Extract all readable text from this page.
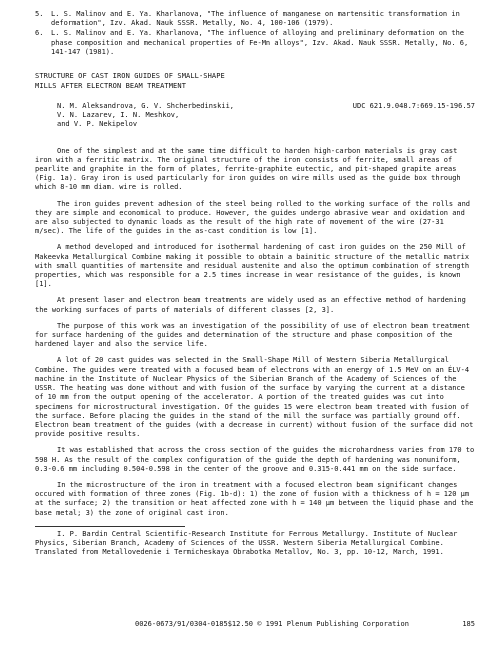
5.	L. S. Malinov and E. Ya. Kharlanova, "The influence of manganese on martensitic transformation in deformation", Izv. Akad. Nauk SSSR. Metally, No. 4, 100-106 (1979).
6.	L. S. Malinov and E. Ya. Kharlanova, "The influence of alloying and preliminary deformation on the phase composition and mechanical properties of Fe-Mn alloys", Izv. Akad. Nauk SSSR. Metally, No. 6, 141-147 (1981).
STRUCTURE OF CAST IRON GUIDES OF SMALL-SHAPE
MILLS AFTER ELECTRON BEAM TREATMENT
N. M. Aleksandrova, G. V. Shcherbedinskii,
V. N. Lazarev, I. N. Meshkov,
and V. P. Nekipelov
UDC 621.9.048.7:669.15-196.57

One of the simplest and at the same time difficult to harden high-carbon materials is gray cast iron with a ferritic matrix. The original structure of the iron consists of ferrite, small areas of pearlite and graphite in the form of plates, ferrite-graphite eutectic, and pit-shaped grapite areas (Fig. 1a). Gray iron is used particularly for iron guides on wire mills used as the guide box through which 8-10 mm diam. wire is rolled.

The iron guides prevent adhesion of the steel being rolled to the working surface of the rolls and they are simple and economical to produce. However, the guides undergo abrasive wear and oxidation and are also subjected to dynamic loads as the result of the high rate of movement of the wire (27-31 m/sec). The life of the guides in the as-cast condition is low [1].

A method developed and introduced for isothermal hardening of cast iron guides on the 250 Mill of Makeevka Metallurgical Combine making it possible to obtain a bainitic structure of the metallic matrix with small quantities of martensite and residual austenite and also the optimum combination of strength properties, which was responsible for a 2.5 times increase in wear resistance of the guides, is known [1].

At present laser and electron beam treatments are widely used as an effective method of hardening the working surfaces of parts of materials of different classes [2, 3].

The purpose of this work was an investigation of the possibility of use of electron beam treatment for surface hardening of the guides and determination of the structure and phase composition of the hardened layer and also the service life.

A lot of 20 cast guides was selected in the Small-Shape Mill of Western Siberia Metallurgical Combine. The guides were treated with a focused beam of electrons with an energy of 1.5 MeV on an ÉLV-4 machine in the Institute of Nuclear Physics of the Siberian Branch of the Academy of Sciences of the USSR. The heating was done without and with fusion of the surface by varying the current at a distance of 10 mm from the output opening of the accelerator. A portion of the treated guides was cut into specimens for microstructural investigation. Of the guides 15 were electron beam treated with fusion of the surface. Before placing the guides in the stand of the mill the surface was partially ground off. Electron beam treatment of the guides (with a decrease in current) without fusion of the surface did not provide positive results.

It was established that across the cross section of the guides the microhardness varies from 170 to 598 H. As the result of the complex configuration of the guide the depth of hardening was nonuniform, 0.3-0.6 mm including 0.504-0.598 in the center of the groove and 0.315-0.441 mm on the side surface.

In the microstructure of the iron in treatment with a focused electron beam significant changes occured with formation of three zones (Fig. 1b-d): 1) the zone of fusion with a thickness of h = 120 μm at the surface; 2) the transition or heat affected zone with h = 140 μm between the liquid phase and the base metal; 3) the zone of original cast iron.

I. P. Bardin Central Scientific-Research Institute for Ferrous Metallurgy. Institute of Nuclear Physics, Siberian Branch, Academy of Sciences of the USSR. Western Siberia Metallurgical Combine. Translated from Metallovedenie i Termicheskaya Obrabotka Metallov, No. 3, pp. 10-12, March, 1991.

0026-0673/91/0304-0185$12.50 © 1991 Plenum Publishing Corporation	185
